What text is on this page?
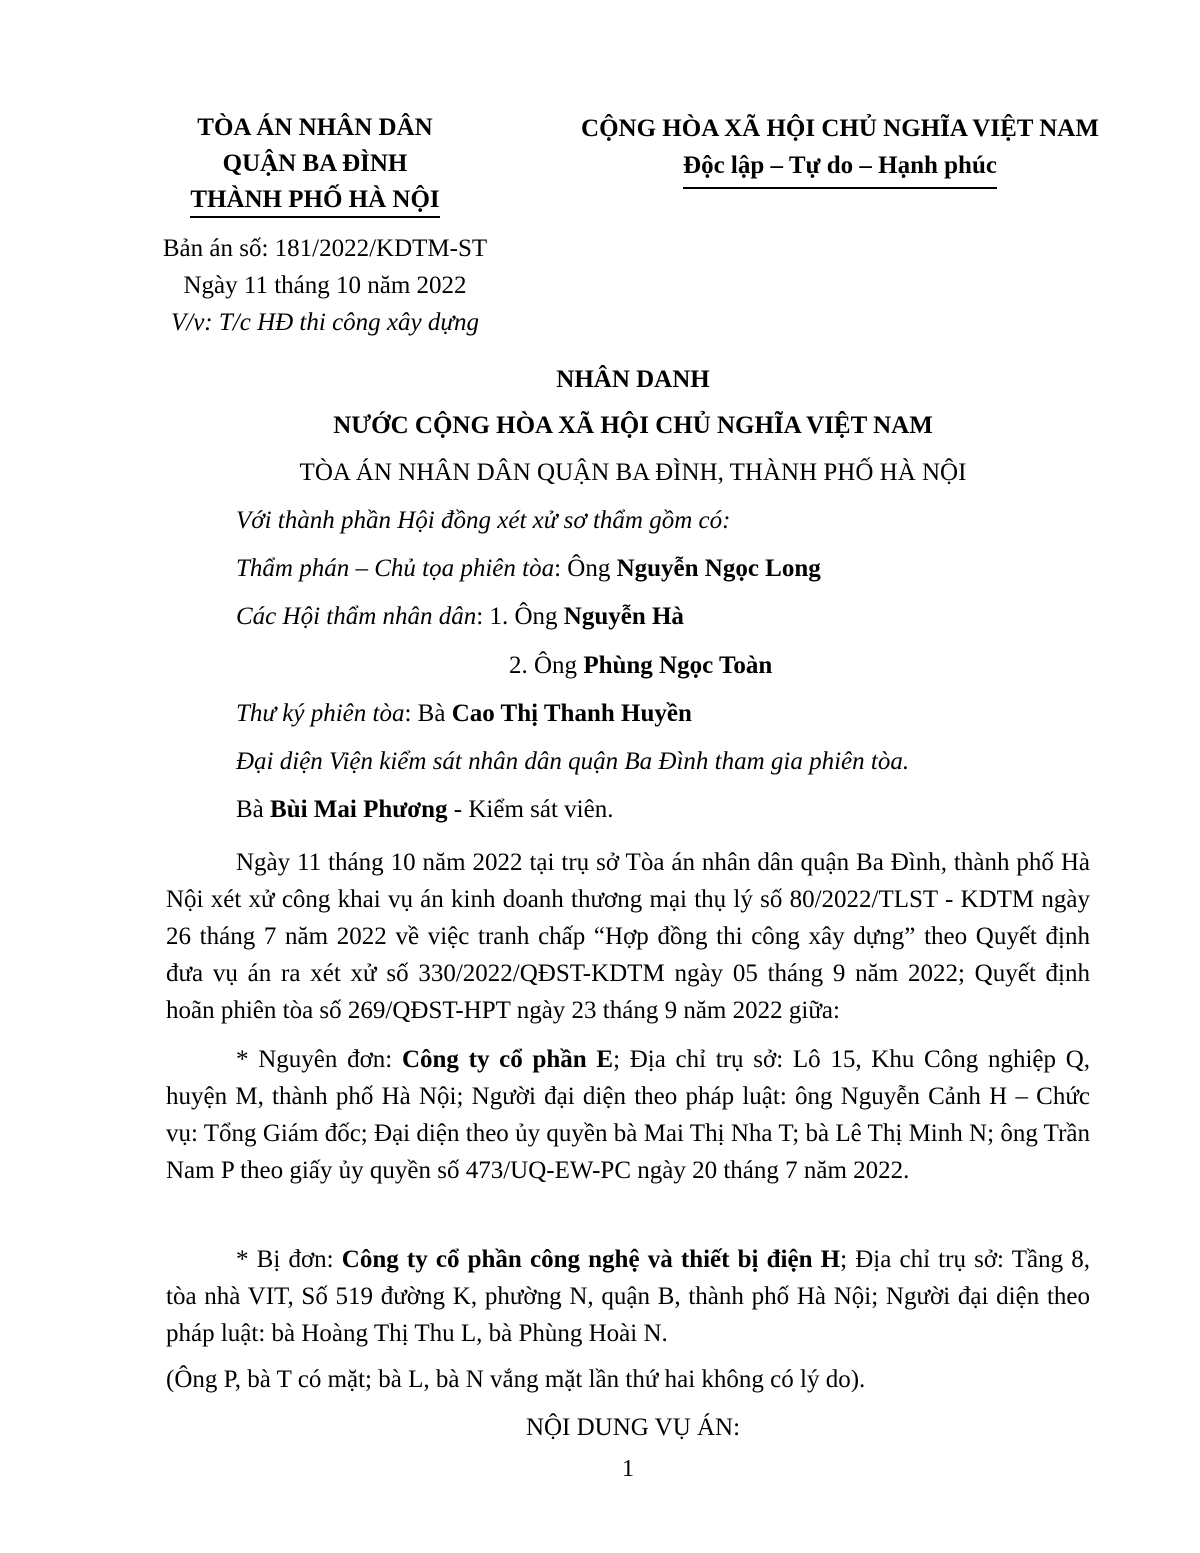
TÒA ÁN NHÂN DÂN
QUẬN BA ĐÌNH
THÀNH PHỐ HÀ NỘI
Bản án số: 181/2022/KDTM-ST
Ngày 11 tháng 10 năm 2022
V/v: T/c HĐ thi công xây dựng
CỘNG HÒA XÃ HỘI CHỦ NGHĨA VIỆT NAM
Độc lập – Tự do – Hạnh phúc
NHÂN DANH
NƯỚC CỘNG HÒA XÃ HỘI CHỦ NGHĨA VIỆT NAM
TÒA ÁN NHÂN DÂN QUẬN BA ĐÌNH, THÀNH PHỐ HÀ NỘI
Với thành phần Hội đồng xét xử sơ thẩm gồm có:
Thẩm phán – Chủ tọa phiên tòa: Ông Nguyễn Ngọc Long
Các Hội thẩm nhân dân: 1. Ông Nguyễn Hà
2. Ông Phùng Ngọc Toàn
Thư ký phiên tòa: Bà Cao Thị Thanh Huyền
Đại diện Viện kiểm sát nhân dân quận Ba Đình tham gia phiên tòa.
Bà Bùi Mai Phương - Kiểm sát viên.
Ngày 11 tháng 10 năm 2022 tại trụ sở Tòa án nhân dân quận Ba Đình, thành phố Hà Nội xét xử công khai vụ án kinh doanh thương mại thụ lý số 80/2022/TLST - KDTM ngày 26 tháng 7 năm 2022 về việc tranh chấp “Hợp đồng thi công xây dựng” theo Quyết định đưa vụ án ra xét xử số 330/2022/QĐST-KDTM ngày 05 tháng 9 năm 2022; Quyết định hoãn phiên tòa số 269/QĐST-HPT ngày 23 tháng 9 năm 2022 giữa:
* Nguyên đơn: Công ty cổ phần E; Địa chỉ trụ sở: Lô 15, Khu Công nghiệp Q, huyện M, thành phố Hà Nội; Người đại diện theo pháp luật: ông Nguyễn Cảnh H – Chức vụ: Tổng Giám đốc; Đại diện theo ủy quyền bà Mai Thị Nha T; bà Lê Thị Minh N; ông Trần Nam P theo giấy ủy quyền số 473/UQ-EW-PC ngày 20 tháng 7 năm 2022.
* Bị đơn: Công ty cổ phần công nghệ và thiết bị điện H; Địa chỉ trụ sở: Tầng 8, tòa nhà VIT, Số 519 đường K, phường N, quận B, thành phố Hà Nội; Người đại diện theo pháp luật: bà Hoàng Thị Thu L, bà Phùng Hoài N.
(Ông P, bà T có mặt; bà L, bà N vắng mặt lần thứ hai không có lý do).
NỘI DUNG VỤ ÁN:
1
